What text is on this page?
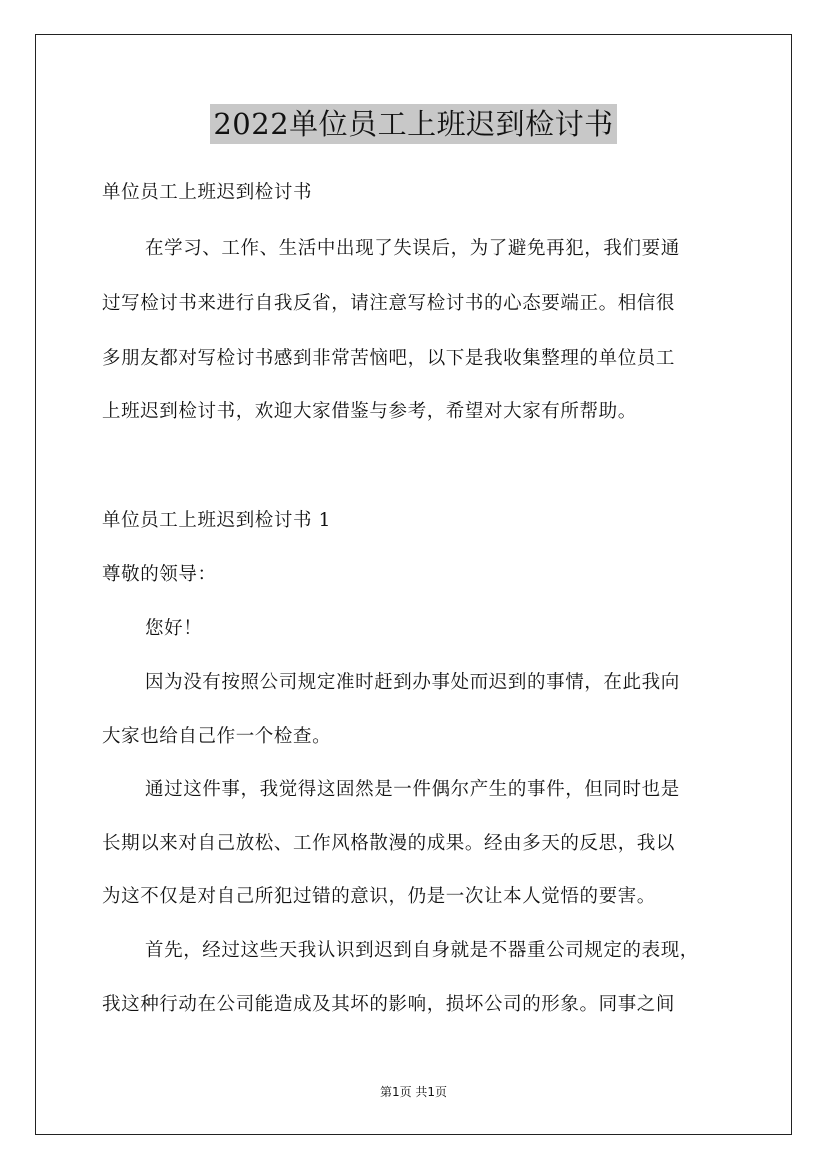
2022单位员工上班迟到检讨书
单位员工上班迟到检讨书
在学习、工作、生活中出现了失误后，为了避免再犯，我们要通
过写检讨书来进行自我反省，请注意写检讨书的心态要端正。相信很
多朋友都对写检讨书感到非常苦恼吧，以下是我收集整理的单位员工
上班迟到检讨书，欢迎大家借鉴与参考，希望对大家有所帮助。
单位员工上班迟到检讨书 1
尊敬的领导：
您好！
因为没有按照公司规定准时赶到办事处而迟到的事情，在此我向
大家也给自己作一个检查。
通过这件事，我觉得这固然是一件偶尔产生的事件，但同时也是
长期以来对自己放松、工作风格散漫的成果。经由多天的反思，我以
为这不仅是对自己所犯过错的意识，仍是一次让本人觉悟的要害。
首先，经过这些天我认识到迟到自身就是不器重公司规定的表现，
我这种行动在公司能造成及其坏的影响，损坏公司的形象。同事之间
第1页 共1页
